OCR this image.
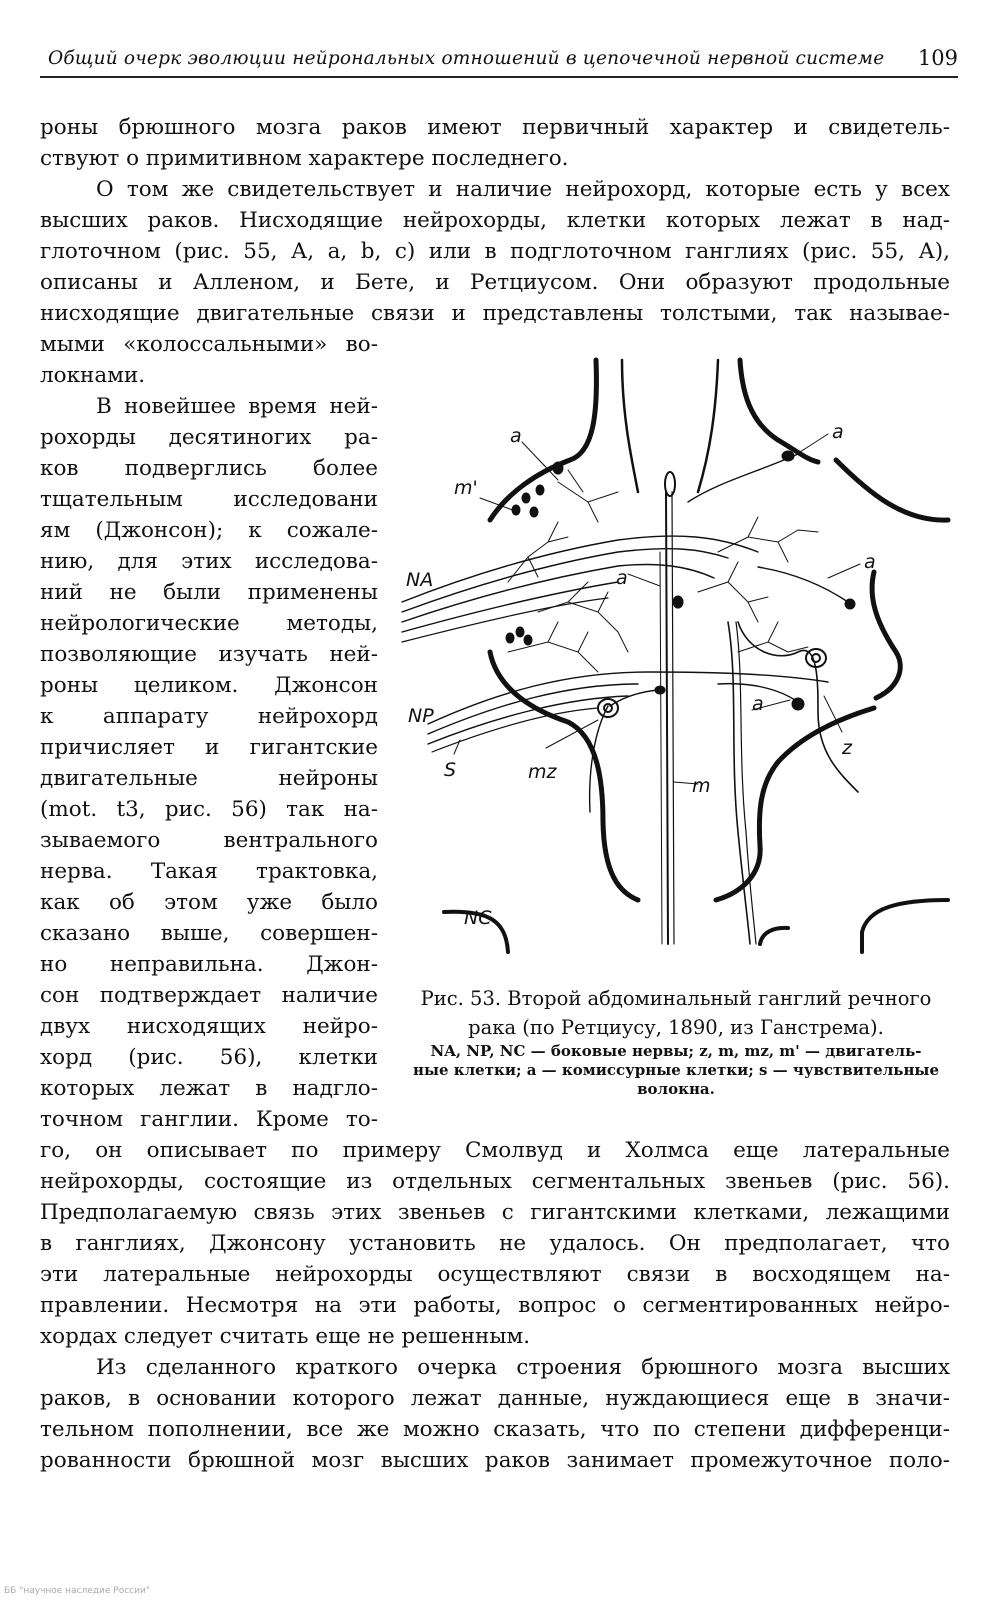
Общий очерк эволюции нейрональных отношений в цепочечной нервной системе 109
роны брюшного мозга раков имеют первичный характер и свидетель-
ствуют о примитивном характере последнего.
О том же свидетельствует и наличие нейрохорд, которые есть у всех
высших раков. Нисходящие нейрохорды, клетки которых лежат в над-
глоточном (рис. 55, А, a, b, c) или в подглоточном ганглиях (рис. 55, А),
описаны и Алленом, и Бете, и Ретциусом. Они образуют продольные
нисходящие двигательные связи и представлены толстыми, так называе-
мыми «колоссальными» во-
локнами.
В новейшее время ней-
рохорды десятиногих ра-
ков подверглись более
тщательным исследовани
ям (Джонсон); к сожале-
нию, для этих исследова-
ний не были применены
нейрологические методы,
позволяющие изучать ней-
роны целиком. Джонсон
к аппарату нейрохорд
причисляет и гигантские
двигательные нейроны
(mot. t3, рис. 56) так на-
зываемого вентрального
нерва. Такая трактовка,
как об этом уже было
сказано выше, совершен-
но неправильна. Джон-
сон подтверждает наличие
двух нисходящих нейро-
хорд (рис. 56), клетки
которых лежат в надгло-
точном ганглии. Кроме то-
го, он описывает по примеру Смолвуд и Холмса еще латеральные
нейрохорды, состоящие из отдельных сегментальных звеньев (рис. 56).
Предполагаемую связь этих звеньев с гигантскими клетками, лежащими
в ганглиях, Джонсону установить не удалось. Он предполагает, что
эти латеральные нейрохорды осуществляют связи в восходящем на-
правлении. Несмотря на эти работы, вопрос о сегментированных нейро-
хордах следует считать еще не решенным.
Из сделанного краткого очерка строения брюшного мозга высших
раков, в основании которого лежат данные, нуждающиеся еще в значи-
тельном пополнении, все же можно сказать, что по степени дифференци-
рованности брюшной мозг высших раков занимает промежуточное поло-
a
m'
a
NA	a
a
NP
a
z
S	mz
m
NC
Рис. 53. Второй абдоминальный ганглий речного
рака (по Ретциусу, 1890, из Ганстрема).
NA, NP, NC — боковые нервы; z, m, mz, m' — двигатель-
ные клетки; a — комиссурные клетки; s — чувствительные
волокна.
ББ "научное наследие России"
